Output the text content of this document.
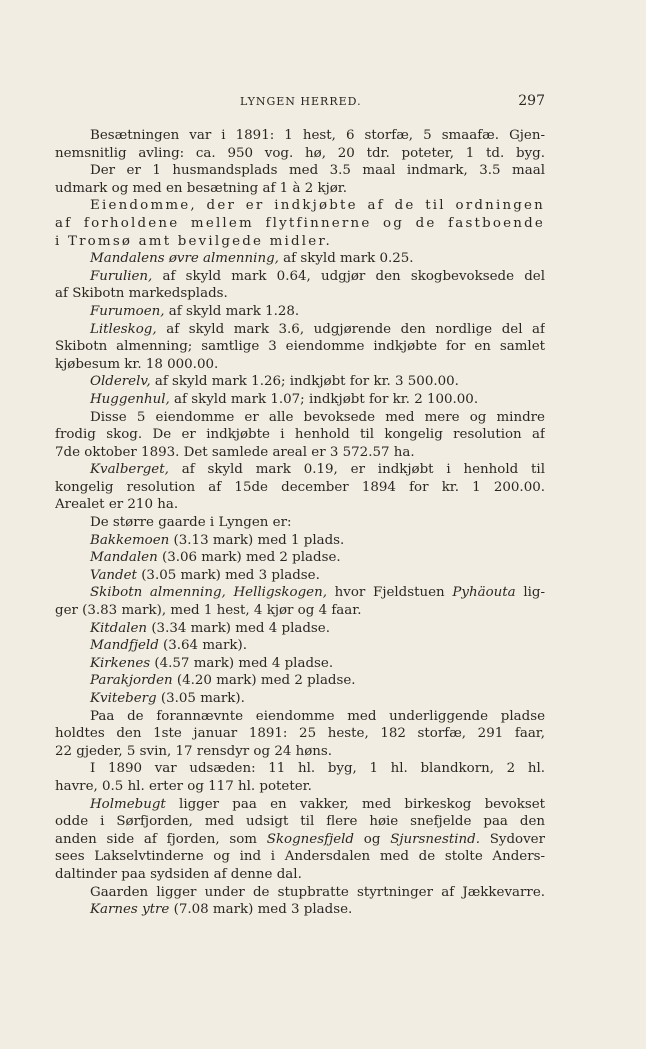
LYNGEN HERRED.	297
Besætningen var i 1891: 1 hest, 6 storfæ, 5 smaafæ. Gjen-
nemsnitlig avling: ca. 950 vog. hø, 20 tdr. poteter, 1 td. byg.
Der er 1 husmandsplads med 3.5 maal indmark, 3.5 maal
udmark og med en besætning af 1 à 2 kjør.
Eiendomme, der er indkjøbte af de til ordningen
af forholdene mellem flytfinnerne og de fastboende
i Tromsø amt bevilgede midler.
Mandalens øvre almenning, af skyld mark 0.25.
Furulien, af skyld mark 0.64, udgjør den skogbevoksede del
af Skibotn markedsplads.
Furumoen, af skyld mark 1.28.
Litleskog, af skyld mark 3.6, udgjørende den nordlige del af
Skibotn almenning; samtlige 3 eiendomme indkjøbte for en samlet
kjøbesum kr. 18 000.00.
Olderelv, af skyld mark 1.26; indkjøbt for kr. 3 500.00.
Huggenhul, af skyld mark 1.07; indkjøbt for kr. 2 100.00.
Disse 5 eiendomme er alle bevoksede med mere og mindre
frodig skog. De er indkjøbte i henhold til kongelig resolution af
7de oktober 1893. Det samlede areal er 3 572.57 ha.
Kvalberget, af skyld mark 0.19, er indkjøbt i henhold til
kongelig resolution af 15de december 1894 for kr. 1 200.00.
Arealet er 210 ha.
De større gaarde i Lyngen er:
Bakkemoen (3.13 mark) med 1 plads.
Mandalen (3.06 mark) med 2 pladse.
Vandet (3.05 mark) med 3 pladse.
Skibotn almenning, Helligskogen, hvor Fjeldstuen Pyhäouta lig-
ger (3.83 mark), med 1 hest, 4 kjør og 4 faar.
Kitdalen (3.34 mark) med 4 pladse.
Mandfjeld (3.64 mark).
Kirkenes (4.57 mark) med 4 pladse.
Parakjorden (4.20 mark) med 2 pladse.
Kviteberg (3.05 mark).
Paa de forannævnte eiendomme med underliggende pladse
holdtes den 1ste januar 1891: 25 heste, 182 storfæ, 291 faar,
22 gjeder, 5 svin, 17 rensdyr og 24 høns.
I 1890 var udsæden: 11 hl. byg, 1 hl. blandkorn, 2 hl.
havre, 0.5 hl. erter og 117 hl. poteter.
Holmebugt ligger paa en vakker, med birkeskog bevokset
odde i Sørfjorden, med udsigt til flere høie snefjelde paa den
anden side af fjorden, som Skognesfjeld og Sjursnestind. Sydover
sees Lakselvtinderne og ind i Andersdalen med de stolte Anders-
daltinder paa sydsiden af denne dal.
Gaarden ligger under de stupbratte styrtninger af Jækkevarre.
Karnes ytre (7.08 mark) med 3 pladse.
